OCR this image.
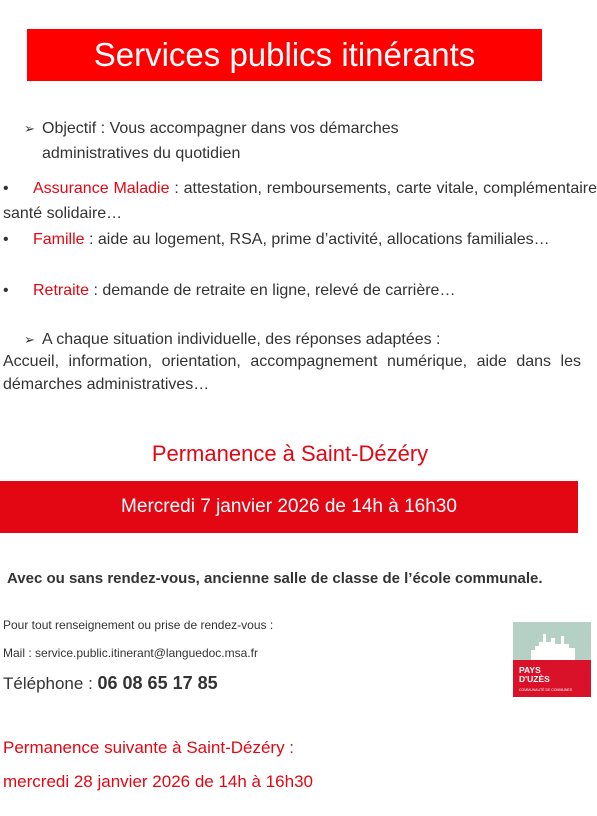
Services publics itinérants
➢ Objectif : Vous accompagner dans vos démarches
administratives du quotidien
• Assurance Maladie : attestation, remboursements, carte vitale, complémentaire santé solidaire…
• Famille : aide au logement, RSA, prime d’activité, allocations familiales…
• Retraite : demande de retraite en ligne, relevé de carrière…
➢ A chaque situation individuelle, des réponses adaptées :
Accueil, information, orientation, accompagnement numérique, aide dans les démarches administratives…
Permanence à Saint-Dézéry
Mercredi 7 janvier 2026 de 14h à 16h30
Avec ou sans rendez-vous, ancienne salle de classe de l’école communale.
Pour tout renseignement ou prise de rendez-vous :
Mail : service.public.itinerant@languedoc.msa.fr
Téléphone : 06 08 65 17 85
PAYS
D'UZÈS
COMMUNAUTÉ DE COMMUNES
Permanence suivante à Saint-Dézéry :
mercredi 28 janvier 2026 de 14h à 16h30
